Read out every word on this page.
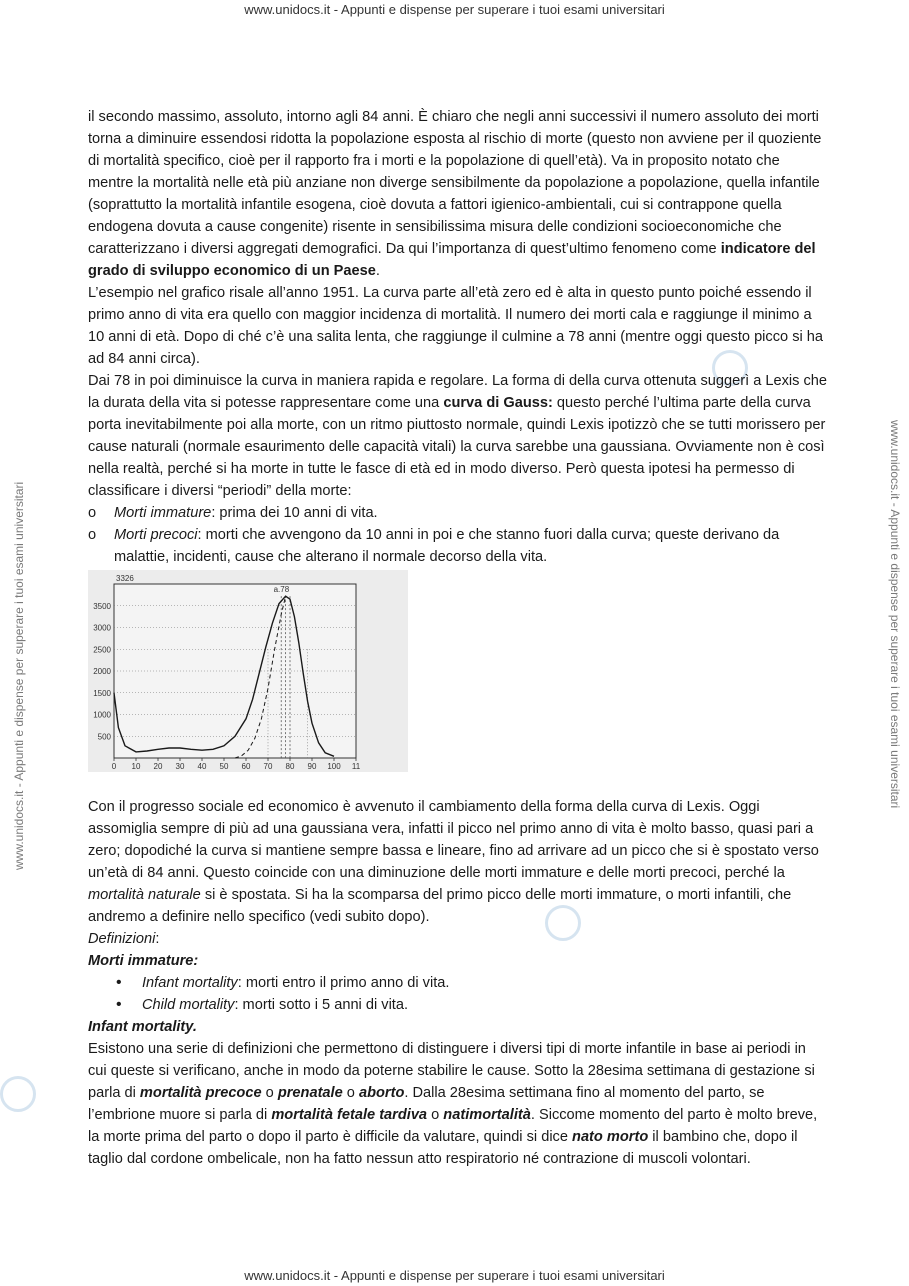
www.unidocs.it - Appunti e dispense per superare i tuoi esami universitari
www.unidocs.it - Appunti e dispense per superare i tuoi esami universitari	www.unidocs.it - Appunti e dispense per superare i tuoi esami universitari

il secondo massimo, assoluto, intorno agli 84 anni. È chiaro che negli anni successivi il numero assoluto dei morti torna a diminuire essendosi ridotta la popolazione esposta al rischio di morte (questo non avviene per il quoziente di mortalità specifico, cioè per il rapporto fra i morti e la popolazione di quell’età). Va in proposito notato che mentre la mortalità nelle età più anziane non diverge sensibilmente da popolazione a popolazione, quella infantile (soprattutto la mortalità infantile esogena, cioè dovuta a fattori igienico-ambientali, cui si contrappone quella endogena dovuta a cause congenite) risente in sensibilissima misura delle condizioni socioeconomiche che caratterizzano i diversi aggregati demografici. Da qui l’importanza di quest’ultimo fenomeno come indicatore del grado di sviluppo economico di un Paese.

L’esempio nel grafico risale all’anno 1951. La curva parte all’età zero ed è alta in questo punto poiché essendo il primo anno di vita era quello con maggior incidenza di mortalità. Il numero dei morti cala e raggiunge il minimo a 10 anni di età. Dopo di ché c’è una salita lenta, che raggiunge il culmine a 78 anni (mentre oggi questo picco si ha ad 84 anni circa).

Dai 78 in poi diminuisce la curva in maniera rapida e regolare. La forma di della curva ottenuta suggerì a Lexis che la durata della vita si potesse rappresentare come una curva di Gauss: questo perché l’ultima parte della curva porta inevitabilmente poi alla morte, con un ritmo piuttosto normale, quindi Lexis ipotizzò che se tutti morissero per cause naturali (normale esaurimento delle capacità vitali) la curva sarebbe una gaussiana. Ovviamente non è così nella realtà, perché si ha morte in tutte le fasce di età ed in modo diverso. Però questa ipotesi ha permesso di classificare i diversi “periodi” della morte:

o Morti immature: prima dei 10 anni di vita.
o Morti precoci: morti che avvengono da 10 anni in poi e che stanno fuori dalla curva; queste derivano da malattie, incidenti, cause che alterano il normale decorso della vita.
500
1000
1500
2000
2500
3000
3500
0 10 20 30 40 50 60 70 80 90 100 11
3326
a.78

Con il progresso sociale ed economico è avvenuto il cambiamento della forma della curva di Lexis. Oggi assomiglia sempre di più ad una gaussiana vera, infatti il picco nel primo anno di vita è molto basso, quasi pari a zero; dopodiché la curva si mantiene sempre bassa e lineare, fino ad arrivare ad un picco che si è spostato verso un’età di 84 anni. Questo coincide con una diminuzione delle morti immature e delle morti precoci, perché la mortalità naturale si è spostata. Si ha la scomparsa del primo picco delle morti immature, o morti infantili, che andremo a definire nello specifico (vedi subito dopo).

Definizioni:

Morti immature:

• Infant mortality: morti entro il primo anno di vita.
• Child mortality: morti sotto i 5 anni di vita.

Infant mortality.

Esistono una serie di definizioni che permettono di distinguere i diversi tipi di morte infantile in base ai periodi in cui queste si verificano, anche in modo da poterne stabilire le cause. Sotto la 28esima settimana di gestazione si parla di mortalità precoce o prenatale o aborto. Dalla 28esima settimana fino al momento del parto, se l’embrione muore si parla di mortalità fetale tardiva o natimortalità. Siccome momento del parto è molto breve, la morte prima del parto o dopo il parto è difficile da valutare, quindi si dice nato morto il bambino che, dopo il taglio dal cordone ombelicale, non ha fatto nessun atto respiratorio né contrazione di muscoli volontari.

www.unidocs.it - Appunti e dispense per superare i tuoi esami universitari
